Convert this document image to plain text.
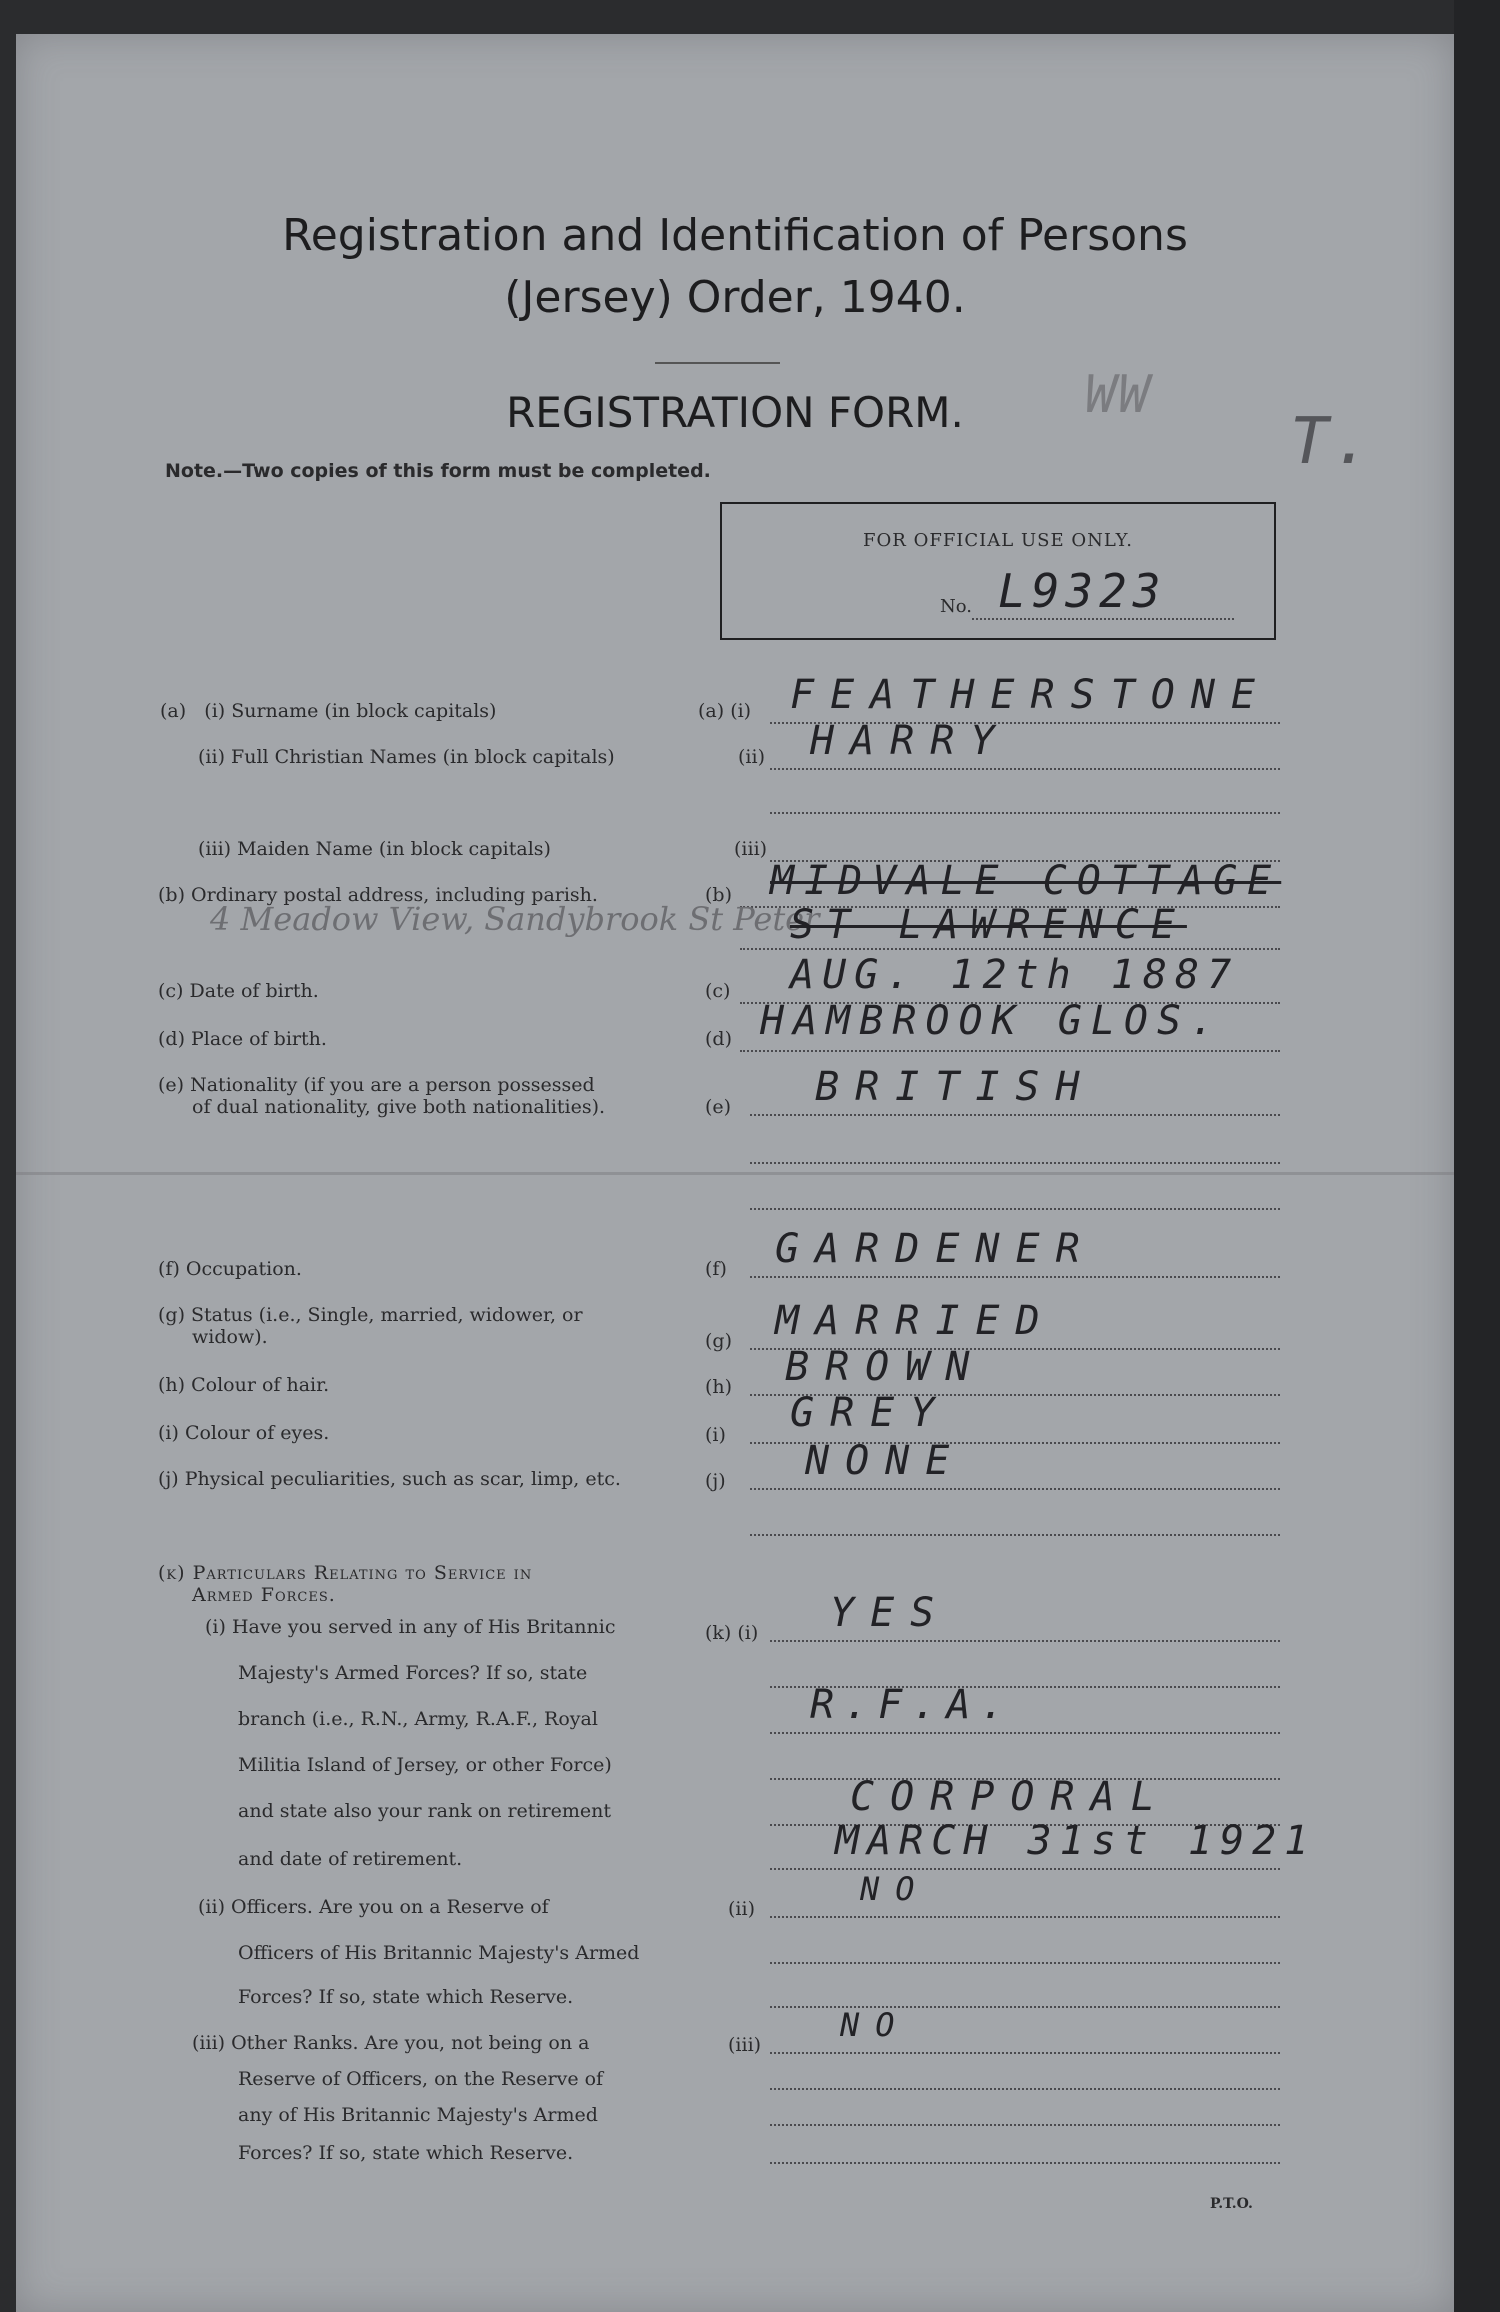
Registration and Identification of Persons
(Jersey) Order, 1940.
REGISTRATION FORM.	WW
T.
Note.—Two copies of this form must be completed.
FOR OFFICIAL USE ONLY.
No. L9323
(a) (i) Surname (in block capitals)	(a) (i) FEATHERSTONE
(ii) Full Christian Names (in block capitals)	(ii) HARRY
(iii) Maiden Name (in block capitals)	(iii)
(b) Ordinary postal address, including parish.	(b) MIDVALE COTTAGE
4 Meadow View, Sandybrook St Peter
ST LAWRENCE
(c) Date of birth.	(c) AUG. 12th 1887
(d) Place of birth.	(d) HAMBROOK GLOS.
(e) Nationality (if you are a person possessed
of dual nationality, give both nationalities).	(e) BRITISH
(f) Occupation.	(f) GARDENER
(g) Status (i.e., Single, married, widower, or
widow).	(g) MARRIED
(h) Colour of hair.	(h) BROWN
(i) Colour of eyes.	(i) GREY
(j) Physical peculiarities, such as scar, limp, etc.	(j) NONE
(k) Particulars Relating to Service in
Armed Forces.
(i) Have you served in any of His Britannic
Majesty's Armed Forces? If so, state
branch (i.e., R.N., Army, R.A.F., Royal
Militia Island of Jersey, or other Force)
and state also your rank on retirement
and date of retirement.
(k) (i) YES
R.F.A.
CORPORAL
MARCH 31st 1921
(ii) Officers. Are you on a Reserve of
Officers of His Britannic Majesty's Armed
Forces? If so, state which Reserve.
(ii)
NO
(iii) Other Ranks. Are you, not being on a
Reserve of Officers, on the Reserve of
any of His Britannic Majesty's Armed
Forces? If so, state which Reserve.
(iii)
NO
P.T.O.
